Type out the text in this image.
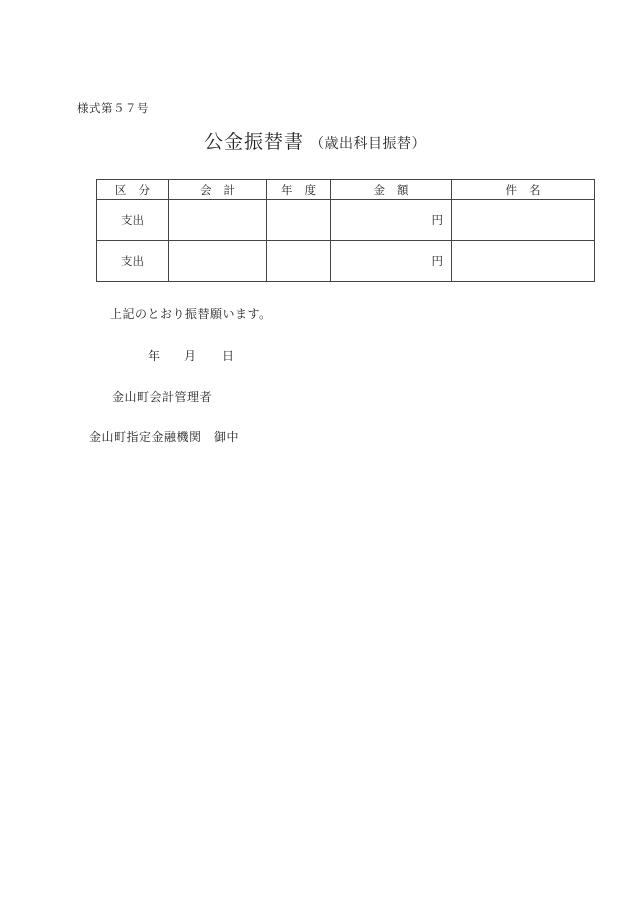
様式第５７号
公金振替書 （歳出科目振替）
区分	会計	年度	金額	件名
支出			円	
支出			円	
上記のとおり振替願います。
年 月 日
金山町会計管理者
金山町指定金融機関　御中
